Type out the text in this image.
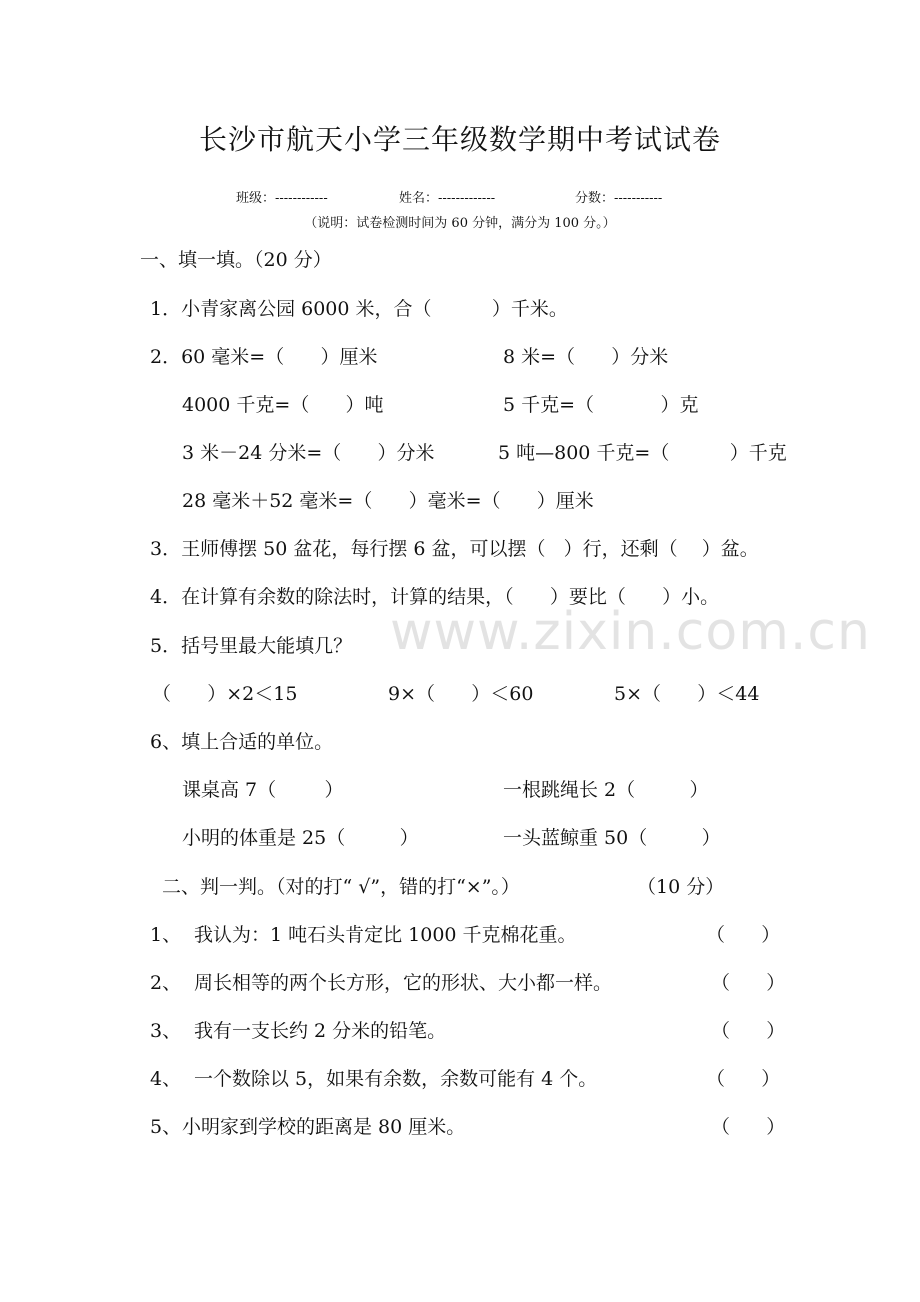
长沙市航天小学三年级数学期中考试试卷
班级：------------	姓名：-------------	分数：-----------
（说明：试卷检测时间为 60 分钟，满分为 100 分。）
一、填一填。（20 分）
1．小青家离公园 6000 米，合（          ）千米。
2．60 毫米=（      ）厘米	8 米=（      ）分米
4000 千克=（      ）吨	5 千克=（           ）克
3 米－24 分米=（      ）分米	5 吨—800 千克=（          ）千克
28 毫米＋52 毫米=（      ）毫米=（      ）厘米
3．王师傅摆 50 盆花，每行摆 6 盆，可以摆（   ）行，还剩（    ）盆。
4．在计算有余数的除法时，计算的结果，（      ）要比（      ）小。
5．括号里最大能填几？
（      ）×2＜15	9×（      ）＜60	5×（      ）＜44
6、填上合适的单位。
课桌高 7（        ）	一根跳绳长 2（         ）
小明的体重是 25（         ）	一头蓝鲸重 50（         ）
二、判一判。（对的打“ √”，错的打“×”。）	（10 分）
1、 我认为：1 吨石头肯定比 1000 千克棉花重。	（      ）
2、 周长相等的两个长方形，它的形状、大小都一样。	（      ）
3、 我有一支长约 2 分米的铅笔。	（      ）
4、 一个数除以 5，如果有余数，余数可能有 4 个。	（      ）
5、 小明家到学校的距离是 80 厘米。	（      ）
www.zixin.com.cn
